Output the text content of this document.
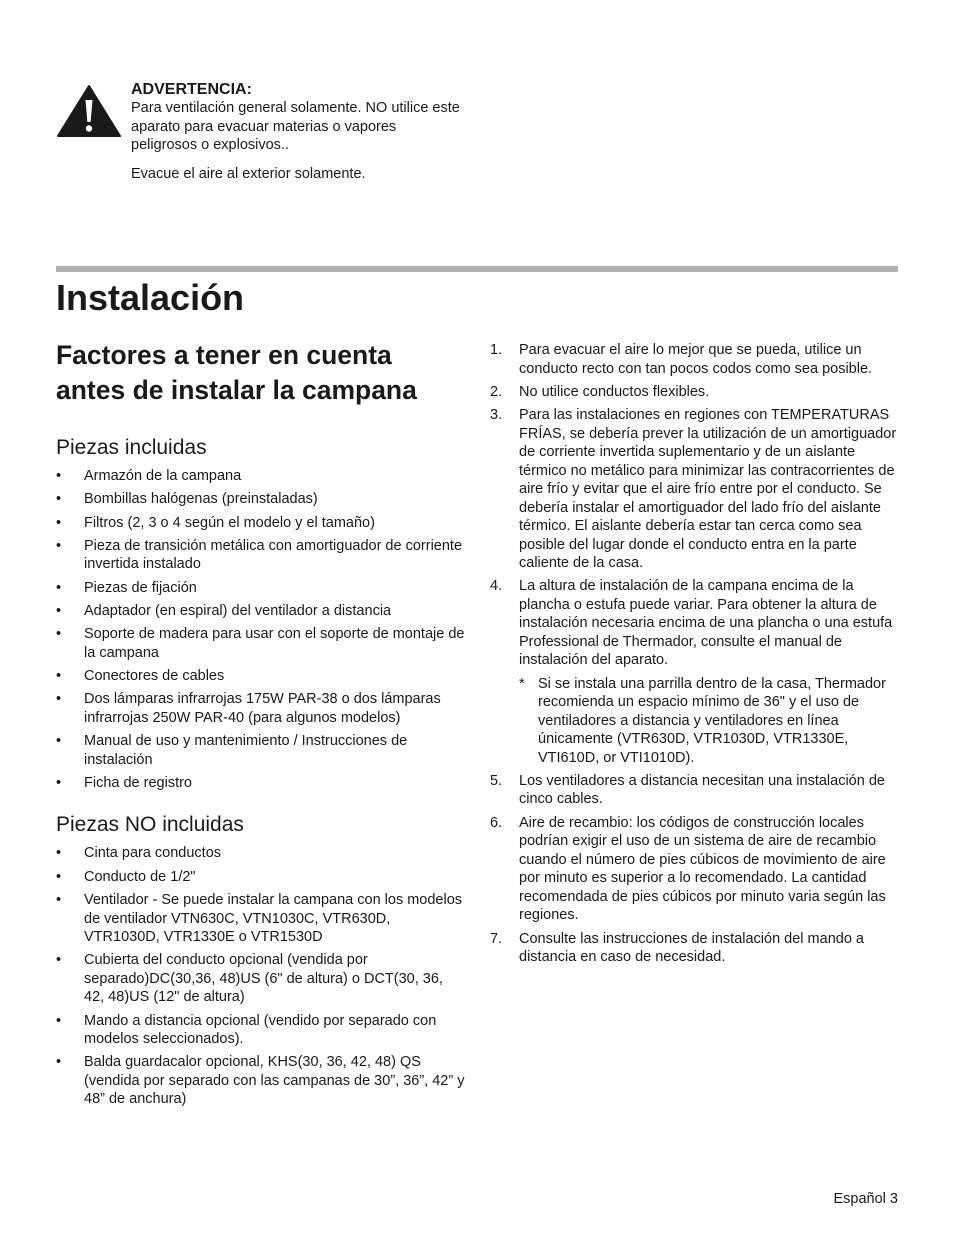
ADVERTENCIA:

Para ventilación general solamente. NO utilice este aparato para evacuar materias o vapores peligrosos o explosivos..

Evacue el aire al exterior solamente.

Instalación
Factores a tener en cuenta antes de instalar la campana
Piezas incluidas
• Armazón de la campana
• Bombillas halógenas (preinstaladas)
• Filtros (2, 3 o 4 según el modelo y el tamaño)
• Pieza de transición metálica con amortiguador de corriente invertida instalado
• Piezas de fijación
• Adaptador (en espiral) del ventilador a distancia
• Soporte de madera para usar con el soporte de montaje de la campana
• Conectores de cables
• Dos lámparas infrarrojas 175W PAR-38 o dos lámparas infrarrojas 250W PAR-40 (para algunos modelos)
• Manual de uso y mantenimiento / Instrucciones de instalación
• Ficha de registro
Piezas NO incluidas
• Cinta para conductos
• Conducto de 1/2"
• Ventilador - Se puede instalar la campana con los modelos de ventilador VTN630C, VTN1030C, VTR630D, VTR1030D, VTR1330E o VTR1530D
• Cubierta del conducto opcional (vendida por separado)DC(30,36, 48)US (6" de altura) o DCT(30, 36, 42, 48)US (12" de altura)
• Mando a distancia opcional (vendido por separado con modelos seleccionados).
• Balda guardacalor opcional, KHS(30, 36, 42, 48) QS (vendida por separado con las campanas de 30”, 36”, 42” y 48” de anchura)
1. Para evacuar el aire lo mejor que se pueda, utilice un conducto recto con tan pocos codos como sea posible.
2. No utilice conductos flexibles.
3. Para las instalaciones en regiones con TEMPERATURAS FRÍAS, se debería prever la utilización de un amortiguador de corriente invertida suplementario y de un aislante térmico no metálico para minimizar las contracorrientes de aire frío y evitar que el aire frío entre por el conducto. Se debería instalar el amortiguador del lado frío del aislante térmico. El aislante debería estar tan cerca como sea posible del lugar donde el conducto entra en la parte caliente de la casa.
4. La altura de instalación de la campana encima de la plancha o estufa puede variar. Para obtener la altura de instalación necesaria encima de una plancha o una estufa Professional de Thermador, consulte el manual de instalación del aparato.
* Si se instala una parrilla dentro de la casa, Thermador recomienda un espacio mínimo de 36" y el uso de ventiladores a distancia y ventiladores en línea únicamente (VTR630D, VTR1030D, VTR1330E, VTI610D, or VTI1010D).
5. Los ventiladores a distancia necesitan una instalación de cinco cables.
6. Aire de recambio: los códigos de construcción locales podrían exigir el uso de un sistema de aire de recambio cuando el número de pies cúbicos de movimiento de aire por minuto es superior a lo recomendado. La cantidad recomendada de pies cúbicos por minuto varia según las regiones.
7. Consulte las instrucciones de instalación del mando a distancia en caso de necesidad.
Español 3
